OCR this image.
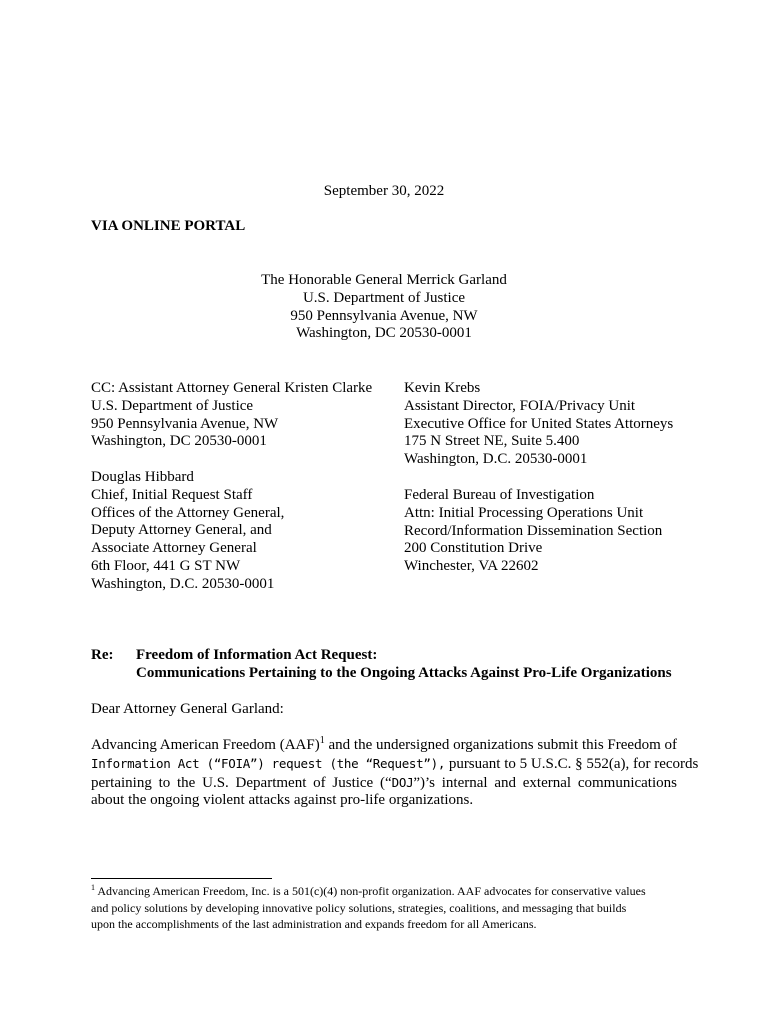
September 30, 2022
VIA ONLINE PORTAL
The Honorable General Merrick Garland
U.S. Department of Justice
950 Pennsylvania Avenue, NW
Washington, DC 20530-0001
CC: Assistant Attorney General Kristen Clarke
U.S. Department of Justice
950 Pennsylvania Avenue, NW
Washington, DC 20530-0001
Kevin Krebs
Assistant Director, FOIA/Privacy Unit
Executive Office for United States Attorneys
175 N Street NE, Suite 5.400
Washington, D.C. 20530-0001
Douglas Hibbard
Chief, Initial Request Staff
Offices of the Attorney General,
Deputy Attorney General, and
Associate Attorney General
6th Floor, 441 G ST NW
Washington, D.C. 20530-0001
Federal Bureau of Investigation
Attn: Initial Processing Operations Unit
Record/Information Dissemination Section
200 Constitution Drive
Winchester, VA 22602
Re: Freedom of Information Act Request:
Communications Pertaining to the Ongoing Attacks Against Pro-Life Organizations
Dear Attorney General Garland:
Advancing American Freedom (AAF)$^1$ and the undersigned organizations submit this Freedom of
Information Act (“FOIA”) request (the “Request”), pursuant to 5 U.S.C. § 552(a), for records
pertaining to the U.S. Department of Justice (“DOJ”)’s internal and external communications
about the ongoing violent attacks against pro-life organizations.
$^1$ Advancing American Freedom, Inc. is a 501(c)(4) non-profit organization. AAF advocates for conservative values
and policy solutions by developing innovative policy solutions, strategies, coalitions, and messaging that builds
upon the accomplishments of the last administration and expands freedom for all Americans.
